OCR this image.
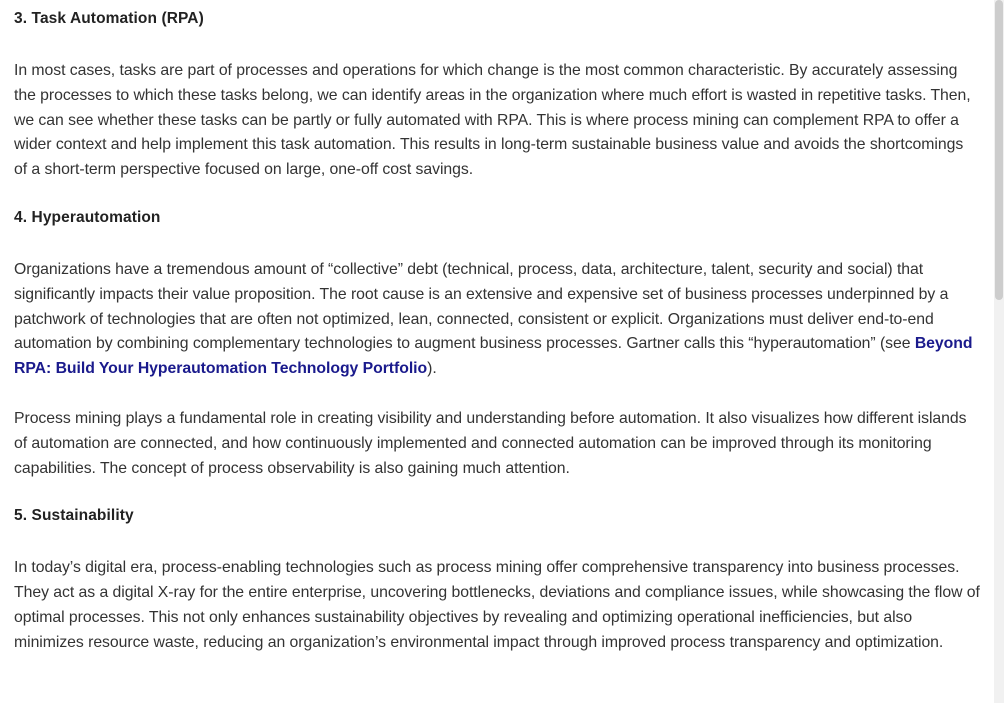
3. Task Automation (RPA)

In most cases, tasks are part of processes and operations for which change is the most common characteristic. By accurately assessing the processes to which these tasks belong, we can identify areas in the organization where much effort is wasted in repetitive tasks. Then, we can see whether these tasks can be partly or fully automated with RPA. This is where process mining can complement RPA to offer a wider context and help implement this task automation. This results in long-term sustainable business value and avoids the shortcomings of a short-term perspective focused on large, one-off cost savings.

4. Hyperautomation

Organizations have a tremendous amount of “collective” debt (technical, process, data, architecture, talent, security and social) that significantly impacts their value proposition. The root cause is an extensive and expensive set of business processes underpinned by a patchwork of technologies that are often not optimized, lean, connected, consistent or explicit. Organizations must deliver end-to-end automation by combining complementary technologies to augment business processes. Gartner calls this “hyperautomation” (see Beyond RPA: Build Your Hyperautomation Technology Portfolio).

Process mining plays a fundamental role in creating visibility and understanding before automation. It also visualizes how different islands of automation are connected, and how continuously implemented and connected automation can be improved through its monitoring capabilities. The concept of process observability is also gaining much attention.

5. Sustainability

In today’s digital era, process-enabling technologies such as process mining offer comprehensive transparency into business processes. They act as a digital X-ray for the entire enterprise, uncovering bottlenecks, deviations and compliance issues, while showcasing the flow of optimal processes. This not only enhances sustainability objectives by revealing and optimizing operational inefficiencies, but also minimizes resource waste, reducing an organization’s environmental impact through improved process transparency and optimization.
